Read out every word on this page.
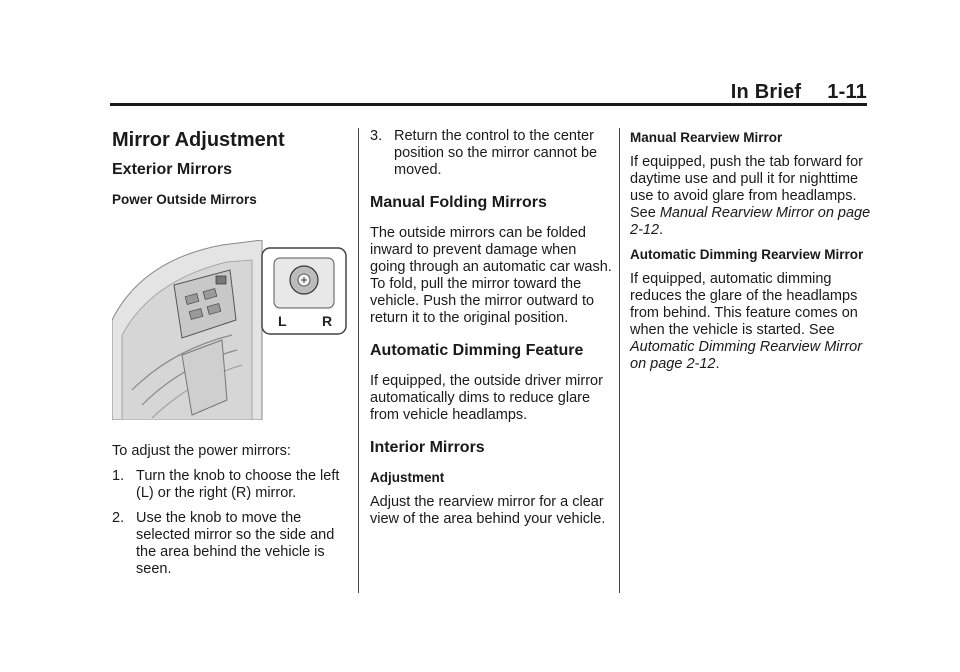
In Brief 1-11
Mirror Adjustment
Exterior Mirrors
Power Outside Mirrors
L	R

To adjust the power mirrors:

1. Turn the knob to choose the left (L) or the right (R) mirror.
2. Use the knob to move the selected mirror so the side and the area behind the vehicle is seen.
3. Return the control to the center position so the mirror cannot be moved.
Manual Folding Mirrors

The outside mirrors can be folded inward to prevent damage when going through an automatic car wash. To fold, pull the mirror toward the vehicle. Push the mirror outward to return it to the original position.

Automatic Dimming Feature

If equipped, the outside driver mirror automatically dims to reduce glare from vehicle headlamps.

Interior Mirrors
Adjustment

Adjust the rearview mirror for a clear view of the area behind your vehicle.

Manual Rearview Mirror

If equipped, push the tab forward for daytime use and pull it for nighttime use to avoid glare from headlamps. See Manual Rearview Mirror on page 2-12.

Automatic Dimming Rearview Mirror

If equipped, automatic dimming reduces the glare of the headlamps from behind. This feature comes on when the vehicle is started. See Automatic Dimming Rearview Mirror on page 2-12.
